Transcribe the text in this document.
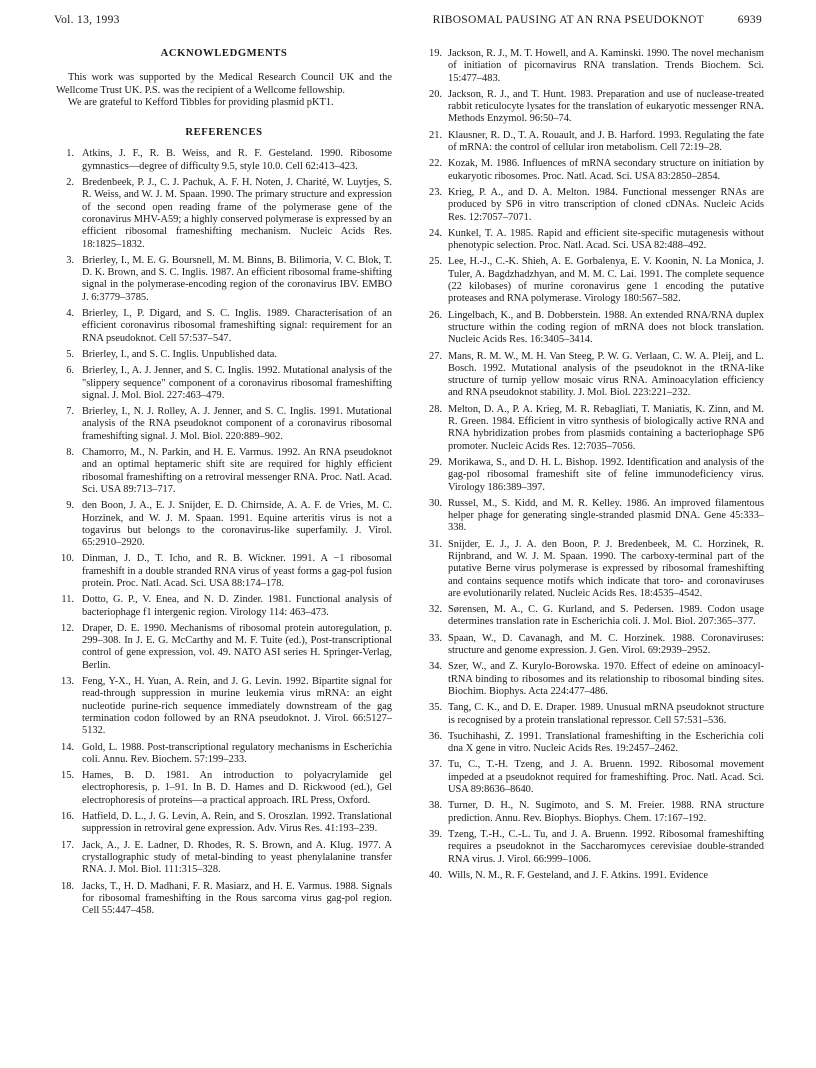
Vol. 13, 1993	RIBOSOMAL PAUSING AT AN RNA PSEUDOKNOT	6939
ACKNOWLEDGMENTS

This work was supported by the Medical Research Council UK and the Wellcome Trust UK. P.S. was the recipient of a Wellcome fellowship.

We are grateful to Kefford Tibbles for providing plasmid pKT1.

REFERENCES
1. Atkins, J. F., R. B. Weiss, and R. F. Gesteland. 1990. Ribosome gymnastics—degree of difficulty 9.5, style 10.0. Cell 62:413–423.
2. Bredenbeek, P. J., C. J. Pachuk, A. F. H. Noten, J. Charité, W. Luytjes, S. R. Weiss, and W. J. M. Spaan. 1990. The primary structure and expression of the second open reading frame of the polymerase gene of the coronavirus MHV-A59; a highly conserved polymerase is expressed by an efficient ribosomal frameshifting mechanism. Nucleic Acids Res. 18:1825–1832.
3. Brierley, I., M. E. G. Boursnell, M. M. Binns, B. Bilimoria, V. C. Blok, T. D. K. Brown, and S. C. Inglis. 1987. An efficient ribosomal frame-shifting signal in the polymerase-encoding region of the coronavirus IBV. EMBO J. 6:3779–3785.
4. Brierley, I., P. Digard, and S. C. Inglis. 1989. Characterisation of an efficient coronavirus ribosomal frameshifting signal: requirement for an RNA pseudoknot. Cell 57:537–547.
5. Brierley, I., and S. C. Inglis. Unpublished data.
6. Brierley, I., A. J. Jenner, and S. C. Inglis. 1992. Mutational analysis of the "slippery sequence" component of a coronavirus ribosomal frameshifting signal. J. Mol. Biol. 227:463–479.
7. Brierley, I., N. J. Rolley, A. J. Jenner, and S. C. Inglis. 1991. Mutational analysis of the RNA pseudoknot component of a coronavirus ribosomal frameshifting signal. J. Mol. Biol. 220:889–902.
8. Chamorro, M., N. Parkin, and H. E. Varmus. 1992. An RNA pseudoknot and an optimal heptameric shift site are required for highly efficient ribosomal frameshifting on a retroviral messenger RNA. Proc. Natl. Acad. Sci. USA 89:713–717.
9. den Boon, J. A., E. J. Snijder, E. D. Chirnside, A. A. F. de Vries, M. C. Horzinek, and W. J. M. Spaan. 1991. Equine arteritis virus is not a togavirus but belongs to the coronavirus-like superfamily. J. Virol. 65:2910–2920.
10. Dinman, J. D., T. Icho, and R. B. Wickner. 1991. A −1 ribosomal frameshift in a double stranded RNA virus of yeast forms a gag-pol fusion protein. Proc. Natl. Acad. Sci. USA 88:174–178.
11. Dotto, G. P., V. Enea, and N. D. Zinder. 1981. Functional analysis of bacteriophage f1 intergenic region. Virology 114: 463–473.
12. Draper, D. E. 1990. Mechanisms of ribosomal protein autoregulation, p. 299–308. In J. E. G. McCarthy and M. F. Tuite (ed.), Post-transcriptional control of gene expression, vol. 49. NATO ASI series H. Springer-Verlag, Berlin.
13. Feng, Y-X., H. Yuan, A. Rein, and J. G. Levin. 1992. Bipartite signal for read-through suppression in murine leukemia virus mRNA: an eight nucleotide purine-rich sequence immediately downstream of the gag termination codon followed by an RNA pseudoknot. J. Virol. 66:5127–5132.
14. Gold, L. 1988. Post-transcriptional regulatory mechanisms in Escherichia coli. Annu. Rev. Biochem. 57:199–233.
15. Hames, B. D. 1981. An introduction to polyacrylamide gel electrophoresis, p. 1–91. In B. D. Hames and D. Rickwood (ed.), Gel electrophoresis of proteins—a practical approach. IRL Press, Oxford.
16. Hatfield, D. L., J. G. Levin, A. Rein, and S. Oroszlan. 1992. Translational suppression in retroviral gene expression. Adv. Virus Res. 41:193–239.
17. Jack, A., J. E. Ladner, D. Rhodes, R. S. Brown, and A. Klug. 1977. A crystallographic study of metal-binding to yeast phenylalanine transfer RNA. J. Mol. Biol. 111:315–328.
18. Jacks, T., H. D. Madhani, F. R. Masiarz, and H. E. Varmus. 1988. Signals for ribosomal frameshifting in the Rous sarcoma virus gag-pol region. Cell 55:447–458.
19. Jackson, R. J., M. T. Howell, and A. Kaminski. 1990. The novel mechanism of initiation of picornavirus RNA translation. Trends Biochem. Sci. 15:477–483.
20. Jackson, R. J., and T. Hunt. 1983. Preparation and use of nuclease-treated rabbit reticulocyte lysates for the translation of eukaryotic messenger RNA. Methods Enzymol. 96:50–74.
21. Klausner, R. D., T. A. Rouault, and J. B. Harford. 1993. Regulating the fate of mRNA: the control of cellular iron metabolism. Cell 72:19–28.
22. Kozak, M. 1986. Influences of mRNA secondary structure on initiation by eukaryotic ribosomes. Proc. Natl. Acad. Sci. USA 83:2850–2854.
23. Krieg, P. A., and D. A. Melton. 1984. Functional messenger RNAs are produced by SP6 in vitro transcription of cloned cDNAs. Nucleic Acids Res. 12:7057–7071.
24. Kunkel, T. A. 1985. Rapid and efficient site-specific mutagenesis without phenotypic selection. Proc. Natl. Acad. Sci. USA 82:488–492.
25. Lee, H.-J., C.-K. Shieh, A. E. Gorbalenya, E. V. Koonin, N. La Monica, J. Tuler, A. Bagdzhadzhyan, and M. M. C. Lai. 1991. The complete sequence (22 kilobases) of murine coronavirus gene 1 encoding the putative proteases and RNA polymerase. Virology 180:567–582.
26. Lingelbach, K., and B. Dobberstein. 1988. An extended RNA/RNA duplex structure within the coding region of mRNA does not block translation. Nucleic Acids Res. 16:3405–3414.
27. Mans, R. M. W., M. H. Van Steeg, P. W. G. Verlaan, C. W. A. Pleij, and L. Bosch. 1992. Mutational analysis of the pseudoknot in the tRNA-like structure of turnip yellow mosaic virus RNA. Aminoacylation efficiency and RNA pseudoknot stability. J. Mol. Biol. 223:221–232.
28. Melton, D. A., P. A. Krieg, M. R. Rebagliati, T. Maniatis, K. Zinn, and M. R. Green. 1984. Efficient in vitro synthesis of biologically active RNA and RNA hybridization probes from plasmids containing a bacteriophage SP6 promoter. Nucleic Acids Res. 12:7035–7056.
29. Morikawa, S., and D. H. L. Bishop. 1992. Identification and analysis of the gag-pol ribosomal frameshift site of feline immunodeficiency virus. Virology 186:389–397.
30. Russel, M., S. Kidd, and M. R. Kelley. 1986. An improved filamentous helper phage for generating single-stranded plasmid DNA. Gene 45:333–338.
31. Snijder, E. J., J. A. den Boon, P. J. Bredenbeek, M. C. Horzinek, R. Rijnbrand, and W. J. M. Spaan. 1990. The carboxy-terminal part of the putative Berne virus polymerase is expressed by ribosomal frameshifting and contains sequence motifs which indicate that toro- and coronaviruses are evolutionarily related. Nucleic Acids Res. 18:4535–4542.
32. Sørensen, M. A., C. G. Kurland, and S. Pedersen. 1989. Codon usage determines translation rate in Escherichia coli. J. Mol. Biol. 207:365–377.
33. Spaan, W., D. Cavanagh, and M. C. Horzinek. 1988. Coronaviruses: structure and genome expression. J. Gen. Virol. 69:2939–2952.
34. Szer, W., and Z. Kurylo-Borowska. 1970. Effect of edeine on aminoacyl-tRNA binding to ribosomes and its relationship to ribosomal binding sites. Biochim. Biophys. Acta 224:477–486.
35. Tang, C. K., and D. E. Draper. 1989. Unusual mRNA pseudoknot structure is recognised by a protein translational repressor. Cell 57:531–536.
36. Tsuchihashi, Z. 1991. Translational frameshifting in the Escherichia coli dna X gene in vitro. Nucleic Acids Res. 19:2457–2462.
37. Tu, C., T.-H. Tzeng, and J. A. Bruenn. 1992. Ribosomal movement impeded at a pseudoknot required for frameshifting. Proc. Natl. Acad. Sci. USA 89:8636–8640.
38. Turner, D. H., N. Sugimoto, and S. M. Freier. 1988. RNA structure prediction. Annu. Rev. Biophys. Biophys. Chem. 17:167–192.
39. Tzeng, T.-H., C.-L. Tu, and J. A. Bruenn. 1992. Ribosomal frameshifting requires a pseudoknot in the Saccharomyces cerevisiae double-stranded RNA virus. J. Virol. 66:999–1006.
40. Wills, N. M., R. F. Gesteland, and J. F. Atkins. 1991. Evidence
